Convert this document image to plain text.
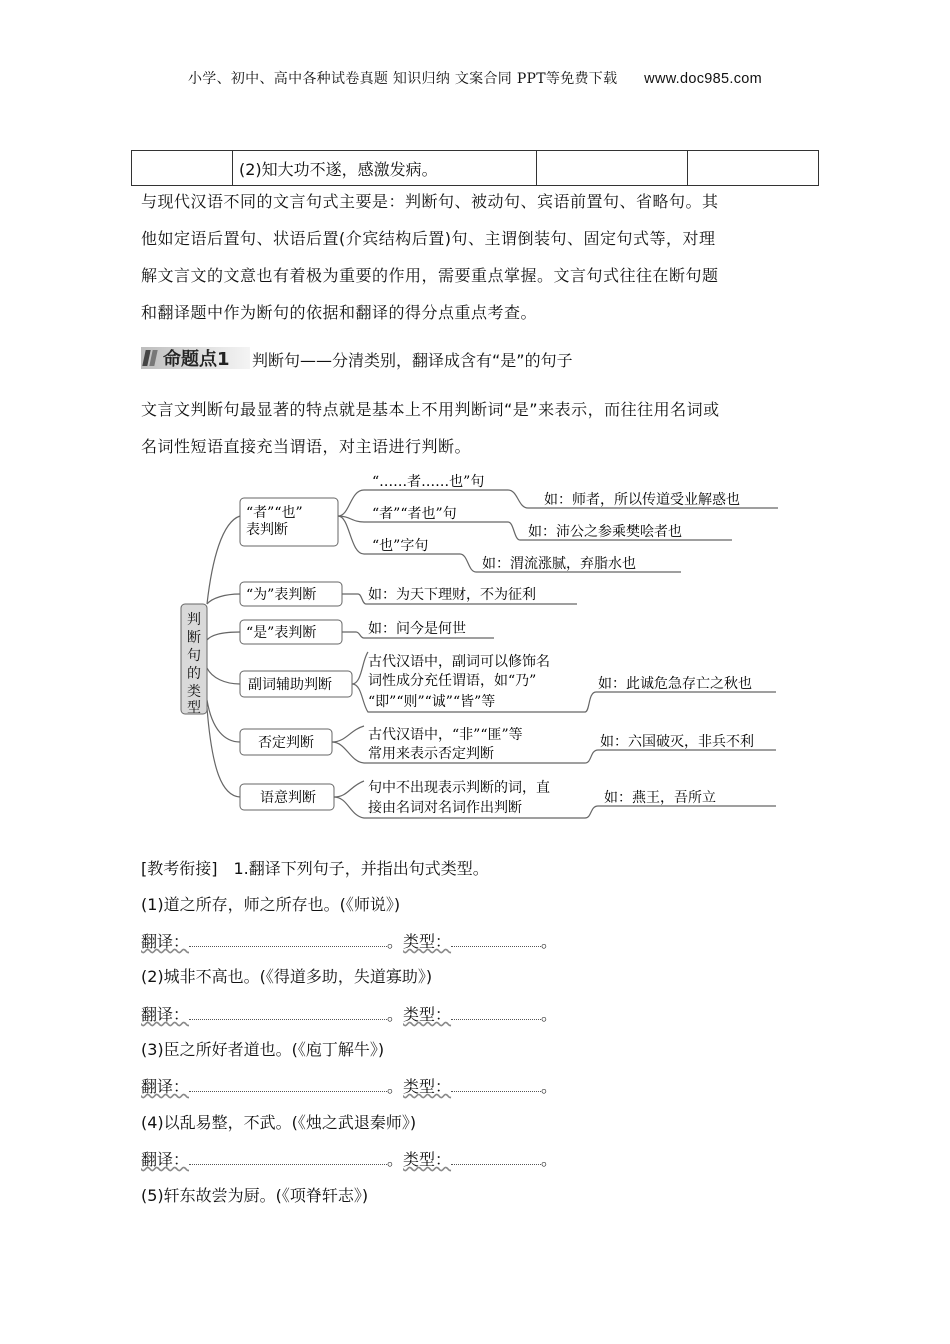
小学、初中、高中各种试卷真题 知识归纳 文案合同 PPT等免费下载 www.doc985.com
	(2)知大功不遂，感激发病。		
与现代汉语不同的文言句式主要是：判断句、被动句、宾语前置句、省略句。其
他如定语后置句、状语后置(介宾结构后置)句、主谓倒装句、固定句式等，对理
解文言文的文意也有着极为重要的作用，需要重点掌握。文言句式往往在断句题
和翻译题中作为断句的依据和翻译的得分点重点考查。
命题点1 判断句——分清类别，翻译成含有“是”的句子
文言文判断句最显著的特点就是基本上不用判断词“是”来表示，而往往用名词或
名词性短语直接充当谓语，对主语进行判断。
判
断
句
的
类
型
“者”“也”
表判断
“……者……也”句
如：师者，所以传道受业解惑也
“者”“者也”句
如：沛公之参乘樊哙者也
“也”字句
如：渭流涨腻，弃脂水也
“为”表判断	如：为天下理财，不为征利
“是”表判断	如：问今是何世
副词辅助判断
古代汉语中，副词可以修饰名
词性成分充任谓语，如“乃”
“即”“则”“诚”“皆”等
如：此诚危急存亡之秋也
否定判断	古代汉语中，“非”“匪”等
常用来表示否定判断
如：六国破灭，非兵不利
语意判断
句中不出现表示判断的词，直
接由名词对名词作出判断
如：燕王，吾所立
[教考衔接]　1.翻译下列句子，并指出句式类型。
(1)道之所存，师之所存也。(《师说》)
翻译：	。类型：	。
(2)城非不高也。(《得道多助，失道寡助》)
翻译：	。类型：	。
(3)臣之所好者道也。(《庖丁解牛》)
翻译：	。类型：	。
(4)以乱易整，不武。(《烛之武退秦师》)
翻译：	。类型：	。
(5)轩东故尝为厨。(《项脊轩志》)
